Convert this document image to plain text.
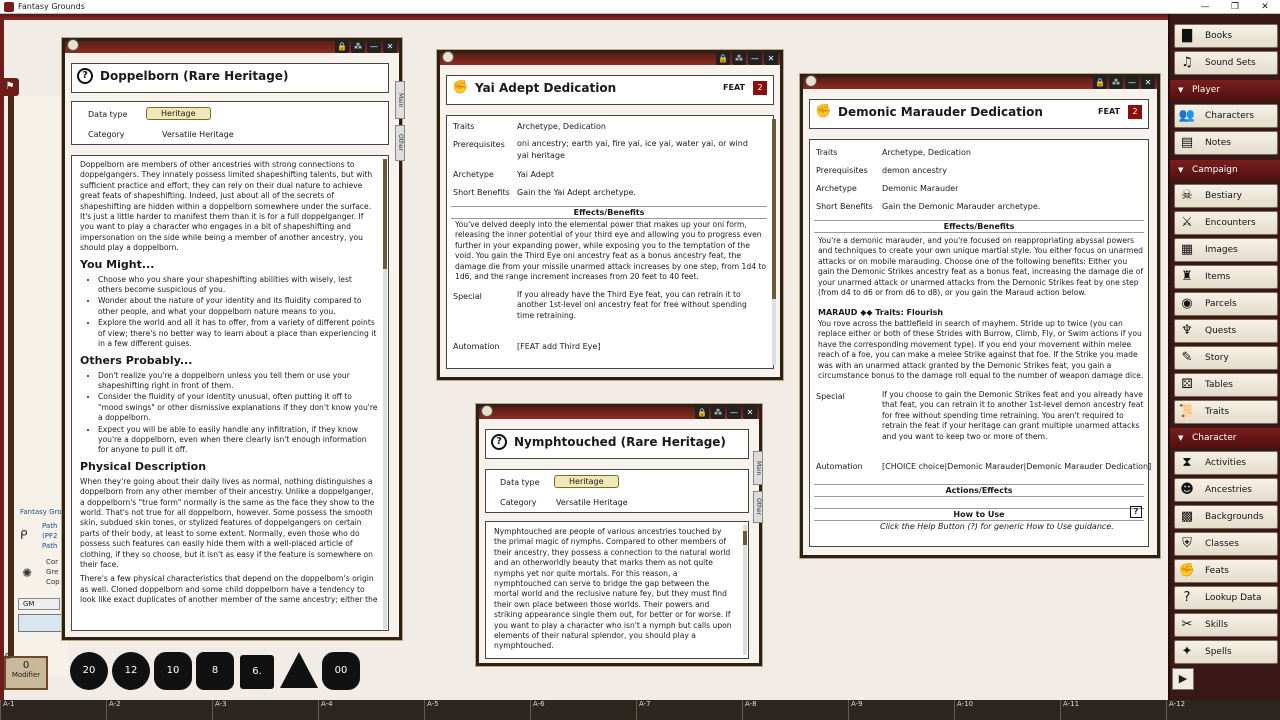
Fantasy Grounds	—	❐	✕
⚑
Fantasy Gro
ᑭ
Path
(PF2
Path
✺
Cor
Gre
Cop
GM
0
Modifier
⚙
20	12	10	8	6.	00
A-1	A-2	A-3	A-4	A-5	A-6	A-7	A-8	A-9	A-10	A-11	A-12
▇	Books
♫	Sound Sets
▼ Player
👥 Characters
▤	Notes
▼ Campaign
☠	Bestiary
⚔	Encounters
▦	Images
♜	Items
◉	Parcels
♆	Quests
✎	Story
⚄	Tables
📜 Traits
▼ Character
⧗	Activities
☻ Ancestries
▩	Backgrounds
⛨	Classes
✊ Feats
?	Lookup Data
✂	Skills
✦	Spells
▶
🔒 ⁂	—	✕
?	Doppelborn (Rare Heritage)
Main
Other
Data type	Heritage
Category	Versatile Heritage

Doppelborn are members of other ancestries with strong connections to doppelgangers. They innately possess limited shapeshifting talents, but with sufficient practice and effort, they can rely on their dual nature to achieve great feats of shapeshifting. Indeed, just about all of the secrets of shapeshifting are hidden within a doppelborn somewhere under the surface. It's just a little harder to manifest them than it is for a full doppelganger. If you want to play a character who engages in a bit of shapeshifting and impersonation on the side while being a member of another ancestry, you should play a doppelborn.

You Might...
• Choose who you share your shapeshifting abilities with wisely, lest others become suspicious of you.
• Wonder about the nature of your identity and its fluidity compared to other people, and what your doppelborn nature means to you.
• Explore the world and all it has to offer, from a variety of different points of view; there's no better way to learn about a place than experiencing it in a few different guises.
Others Probably...
• Don't realize you're a doppelborn unless you tell them or use your shapeshifting right in front of them.
• Consider the fluidity of your identity unusual, often putting it off to "mood swings" or other dismissive explanations if they don't know you're a doppelborn.
• Expect you will be able to easily handle any infiltration, if they know you're a doppelborn, even when there clearly isn't enough information for anyone to pull it off.
Physical Description

When they're going about their daily lives as normal, nothing distinguishes a doppelborn from any other member of their ancestry. Unlike a doppelganger, a doppelborn's "true form" normally is the same as the face they show to the world. That's not true for all doppelborn, however. Some possess the smooth skin, subdued skin tones, or stylized features of doppelgangers on certain parts of their body, at least to some extent. Normally, even those who do possess such features can easily hide them with a well-placed article of clothing, if they so choose, but it isn't as easy if the feature is somewhere on their face.

There's a few physical characteristics that depend on the doppelborn's origin as well. Cloned doppelborn and some child doppelborn have a tendency to look like exact duplicates of another member of the same ancestry; either the

🔒 ⁂	—	✕
✊ Yai Adept Dedication	FEAT	2
Traits	Archetype, Dedication
Prerequisites oni ancestry; earth yai, fire yai, ice yai, water yai, or wind yai heritage
Archetype	Yai Adept
Short Benefits Gain the Yai Adept archetype.
Effects/Benefits
You've delved deeply into the elemental power that makes up your oni form, releasing the inner potential of your third eye and allowing you to progress even further in your expanding power, while exposing you to the temptation of the void. You gain the Third Eye oni ancestry feat as a bonus ancestry feat, the damage die from your missile unarmed attack increases by one step, from 1d4 to 1d6, and the range increment increases from 20 feet to 40 feet.
Special	If you already have the Third Eye feat, you can retrain it to another 1st-level oni ancestry feat for free without spending time retraining.
Automation [FEAT add Third Eye]
🔒 ⁂	—	✕
?	Nymphtouched (Rare Heritage)
Main
Other
Data type	Heritage
Category Versatile Heritage

Nymphtouched are people of various ancestries touched by the primal magic of nymphs. Compared to other members of their ancestry, they possess a connection to the natural world and an otherworldly beauty that marks them as not quite nymphs yet nor quite mortals. For this reason, a nymphtouched can serve to bridge the gap between the mortal world and the reclusive nature fey, but they must find their own place between those worlds. Their powers and striking appearance single them out, for better or for worse. If you want to play a character who isn't a nymph but calls upon elements of their natural splendor, you should play a nymphtouched.

🔒 ⁂	—	✕
✊ Demonic Marauder Dedication	FEAT	2
Traits	Archetype, Dedication
Prerequisites demon ancestry
Archetype	Demonic Marauder
Short Benefits Gain the Demonic Marauder archetype.
Effects/Benefits
You're a demonic marauder, and you're focused on reappropriating abyssal powers and techniques to create your own unique martial style. You either focus on unarmed attacks or on mobile marauding. Choose one of the following benefits: Either you gain the Demonic Strikes ancestry feat as a bonus feat, increasing the damage die of your unarmed attack or unarmed attacks from the Demonic Strikes feat by one step (from d4 to d6 or from d6 to d8), or you gain the Maraud action below.
MARAUD ◆◆ Traits: Flourish
You rove across the battlefield in search of mayhem. Stride up to twice (you can replace either or both of these Strides with Burrow, Climb, Fly, or Swim actions if you have the corresponding movement type). If you end your movement within melee reach of a foe, you can make a melee Strike against that foe. If the Strike you made was with an unarmed attack granted by the Demonic Strikes feat, you gain a circumstance bonus to the damage roll equal to the number of weapon damage dice.
Special	If you choose to gain the Demonic Strikes feat and you already have that feat, you can retrain it to another 1st-level demon ancestry feat for free without spending time retraining. You aren't required to retrain the feat if your heritage can grant multiple unarmed attacks and you want to keep two or more of them.
Automation [CHOICE choice|Demonic Marauder|Demonic Marauder Dedication]
Actions/Effects
How to Use	?
Click the Help Button (?) for generic How to Use guidance.
